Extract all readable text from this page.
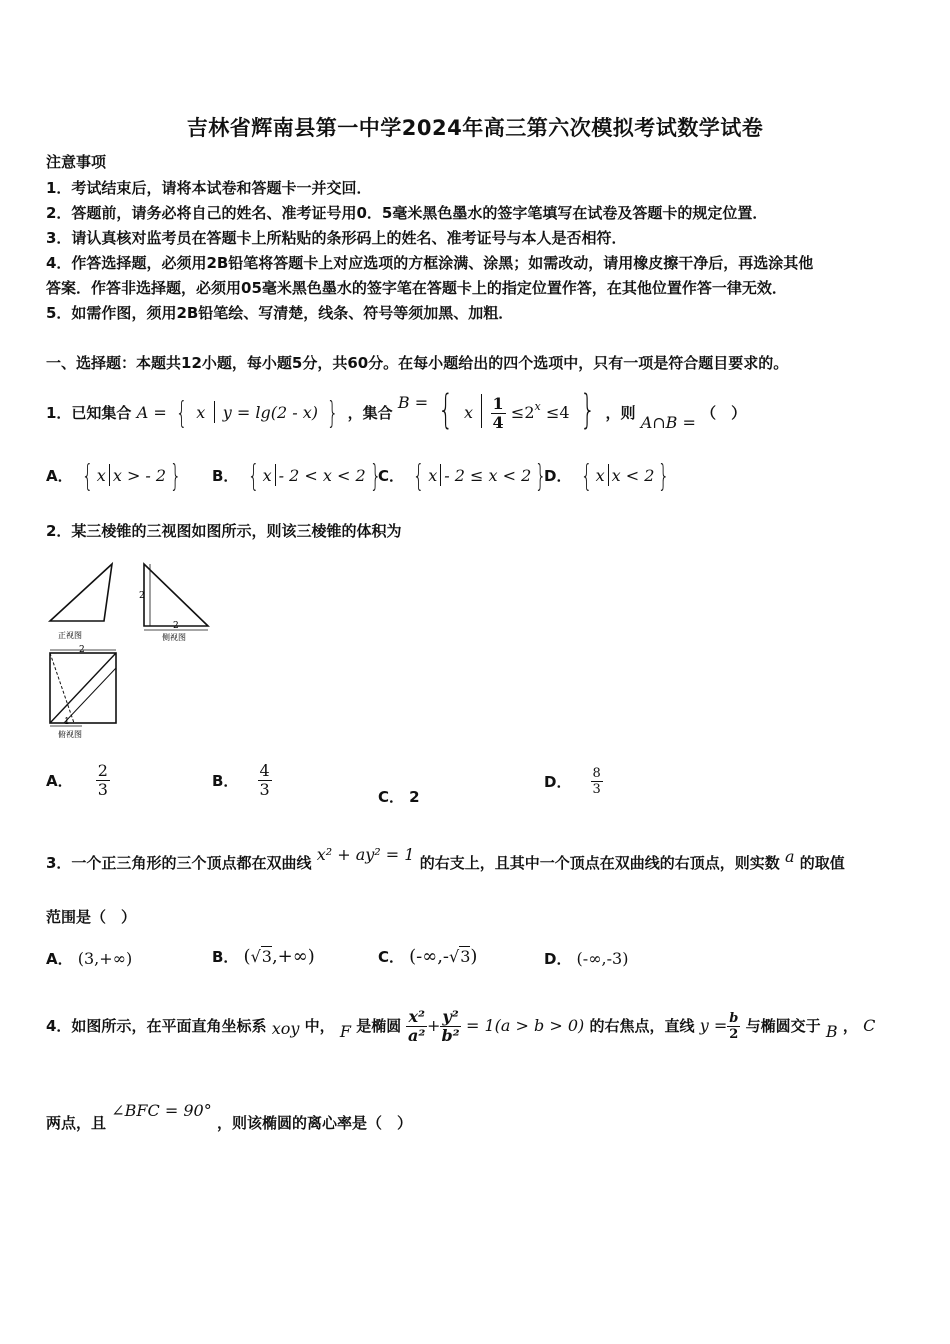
吉林省辉南县第一中学2024年高三第六次模拟考试数学试卷
注意事项
1．考试结束后，请将本试卷和答题卡一并交回．
2．答题前，请务必将自己的姓名、准考证号用0．5毫米黑色墨水的签字笔填写在试卷及答题卡的规定位置．
3．请认真核对监考员在答题卡上所粘贴的条形码上的姓名、准考证号与本人是否相符．
4．作答选择题，必须用2B铅笔将答题卡上对应选项的方框涂满、涂黑；如需改动，请用橡皮擦干净后，再选涂其他
答案．作答非选择题，必须用05毫米黑色墨水的签字笔在答题卡上的指定位置作答，在其他位置作答一律无效．
5．如需作图，须用2B铅笔绘、写清楚，线条、符号等须加黑、加粗．
一、选择题：本题共12小题，每小题5分，共60分。在每小题给出的四个选项中，只有一项是符合题目要求的。
1．已知集合 A = { x y = lg(2 - x) } ，集合 B = { x $\frac{1}{4} \le 2^x \le 4$ } ，则 A∩B = （　）
A． { x x > - 2 } B． { x - 2 < x < 2 }
C． { x - 2 ≤ x < 2 }
D． { x x < 2 }
2．某三棱锥的三视图如图所示，则该三棱锥的体积为
正视图
2
2
侧视图
2
1
俯视图
A． $\frac{2}{3}$	B． $\frac{4}{3}$	C． 2
D． $\frac{8}{3}$
3．一个正三角形的三个顶点都在双曲线 x² + ay² = 1 的右支上，且其中一个顶点在双曲线的右顶点，则实数 a 的取值
范围是（　）
A． (3,+∞)	B． (√3,+∞)	C． (-∞,-√3)	D． (-∞,-3)
4．如图所示，在平面直角坐标系 xoy 中， F 是椭圆 $\frac{\text{x²}}{\text{a²}} + \frac{\text{y²}}{\text{b²}} = 1(a > b > 0)$ 的右焦点，直线 $y = \frac{b}{2}$ 与椭圆交于 B ， C
两点，且 ∠BFC = 90° ，则该椭圆的离心率是（　）
